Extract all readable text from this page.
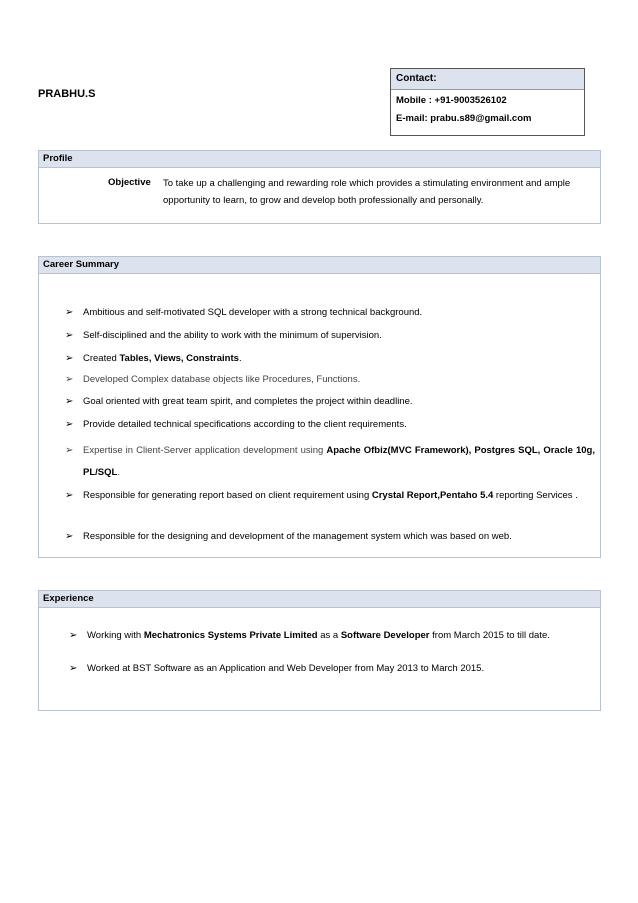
PRABHU.S
Contact:
Mobile : +91-9003526102
E-mail: prabu.s89@gmail.com
Profile
Objective To take up a challenging and rewarding role which provides a stimulating environment and ample opportunity to learn, to grow and develop both professionally and personally.
Career Summary
➢ Ambitious and self-motivated SQL developer with a strong technical background.
➢ Self-disciplined and the ability to work with the minimum of supervision.
➢ Created Tables, Views, Constraints.
➢ Developed Complex database objects like Procedures, Functions.
➢ Goal oriented with great team spirit, and completes the project within deadline.
➢ Provide detailed technical specifications according to the client requirements.
➢ Expertise in Client-Server application development using Apache Ofbiz(MVC Framework), Postgres SQL, Oracle 10g, PL/SQL.
➢ Responsible for generating report based on client requirement using Crystal Report,Pentaho 5.4 reporting Services .
➢ Responsible for the designing and development of the management system which was based on web.
Experience
➢ Working with Mechatronics Systems Private Limited as a Software Developer from March 2015 to till date.
➢ Worked at BST Software as an Application and Web Developer from May 2013 to March 2015.
